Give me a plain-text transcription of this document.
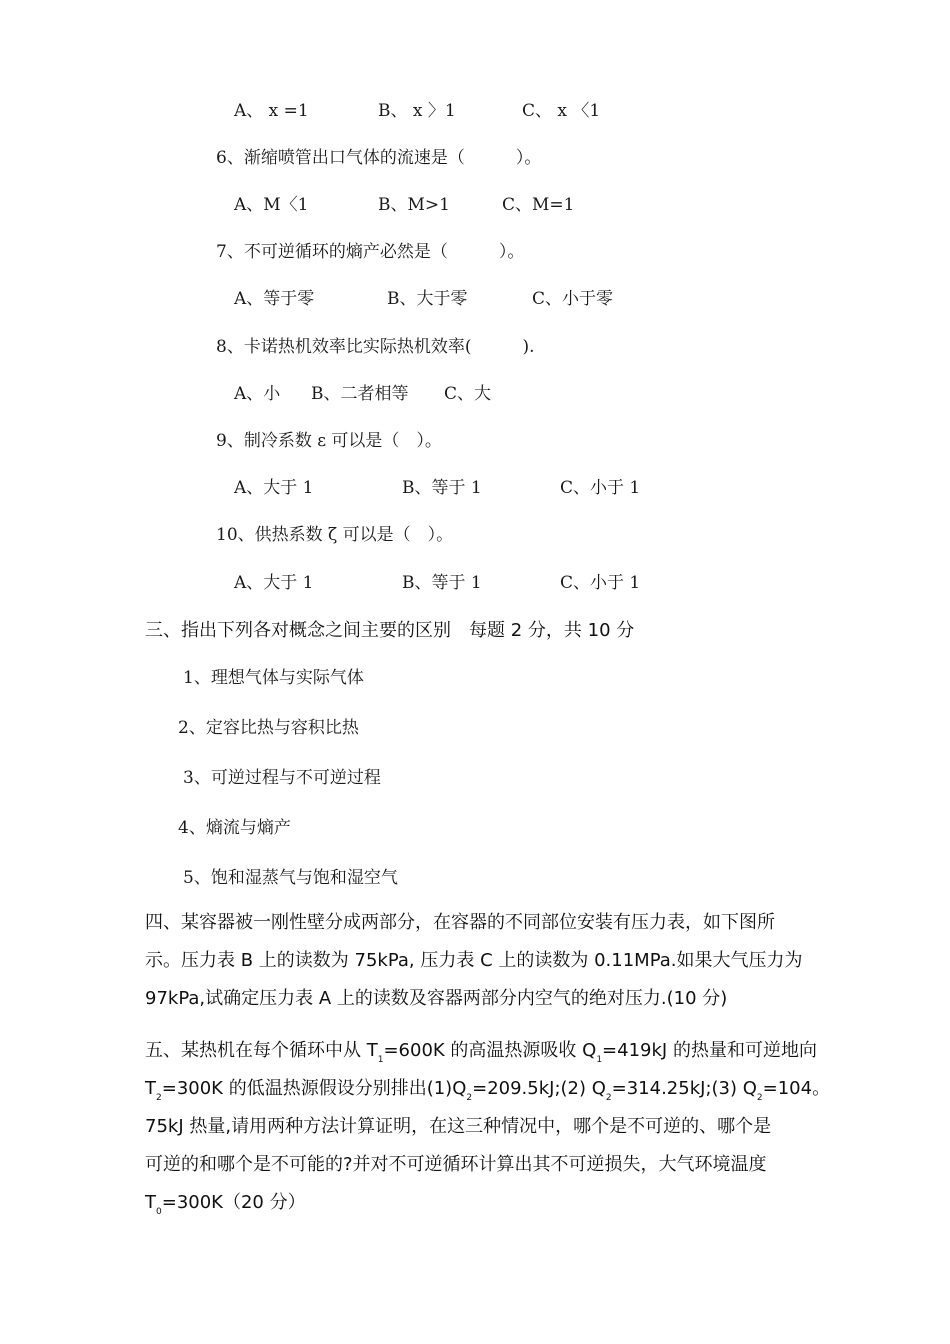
A、 x =1	B、 x 〉1	C、 x 〈1
6、渐缩喷管出口气体的流速是（　　　）。
A、M〈1	B、M>1	C、M=1
7、不可逆循环的熵产必然是（　　　）。
A、等于零	B、大于零	C、小于零
8、卡诺热机效率比实际热机效率(　　　).
A、小 B、二者相等 C、大
9、制冷系数 ε 可以是（　）。
A、大于 1	B、等于 1	C、小于 1
10、供热系数 ζ 可以是（　）。
A、大于 1	B、等于 1	C、小于 1
三、指出下列各对概念之间主要的区别　每题 2 分，共 10 分
1、理想气体与实际气体
2、定容比热与容积比热
3、可逆过程与不可逆过程
4、熵流与熵产
5、饱和湿蒸气与饱和湿空气

四、某容器被一刚性壁分成两部分，在容器的不同部位安装有压力表，如下图所

示。压力表 B 上的读数为 75kPa, 压力表 C 上的读数为 0.11MPa.如果大气压力为

97kPa,试确定压力表 A 上的读数及容器两部分内空气的绝对压力.(10 分)

五、某热机在每个循环中从 $T_1=600K$ 的高温热源吸收 $Q_1=419kJ$ 的热量和可逆地向

$T_2=300K$ 的低温热源假设分别排出$(1)Q_2=209.5kJ;(2)$ $Q_2=314.25kJ;(3)$ $Q_2=104$。

75kJ 热量,请用两种方法计算证明，在这三种情况中，哪个是不可逆的、哪个是

可逆的和哪个是不可能的?并对不可逆循环计算出其不可逆损失，大气环境温度

$T_0=300K(20$ 分）
